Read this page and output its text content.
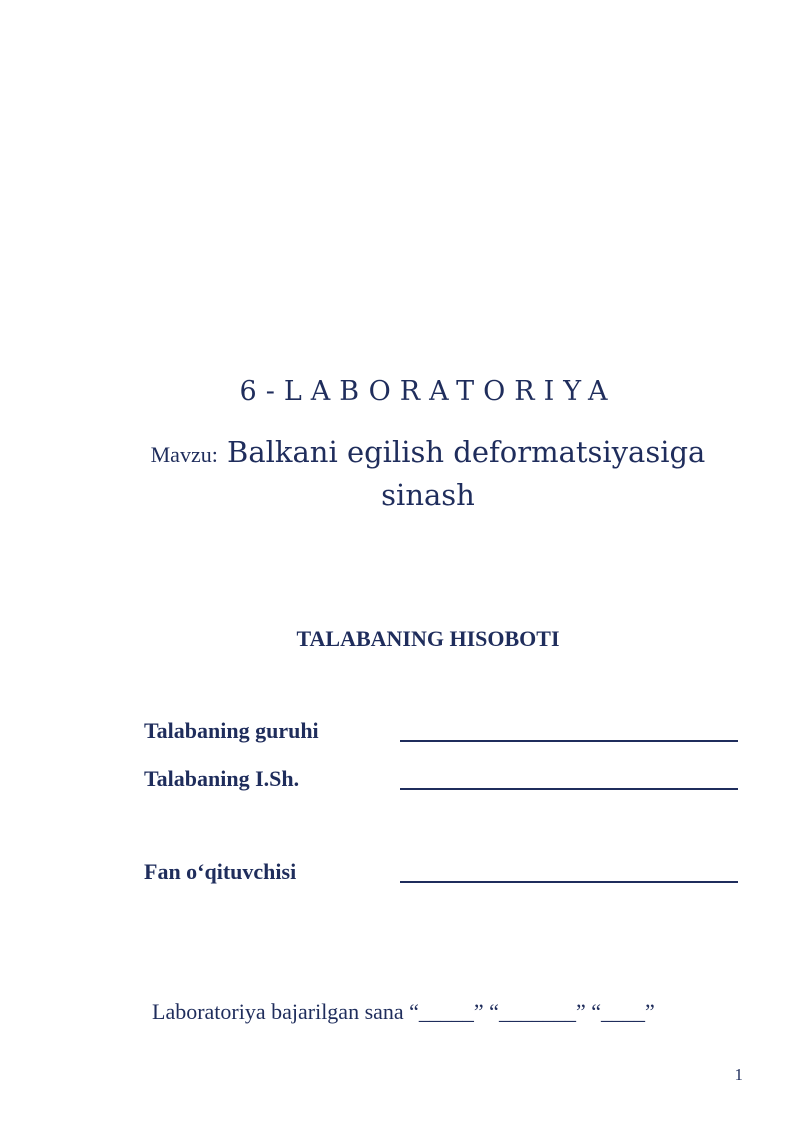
6-LABORATORIYA
Mavzu: Balkani egilish deformatsiyasiga sinash
TALABANING HISOBOTI
Talabaning guruhi
Talabaning I.Sh.
Fan o‘qituvchisi
Laboratoriya bajarilgan sana “_____” “_______” “____”
1
